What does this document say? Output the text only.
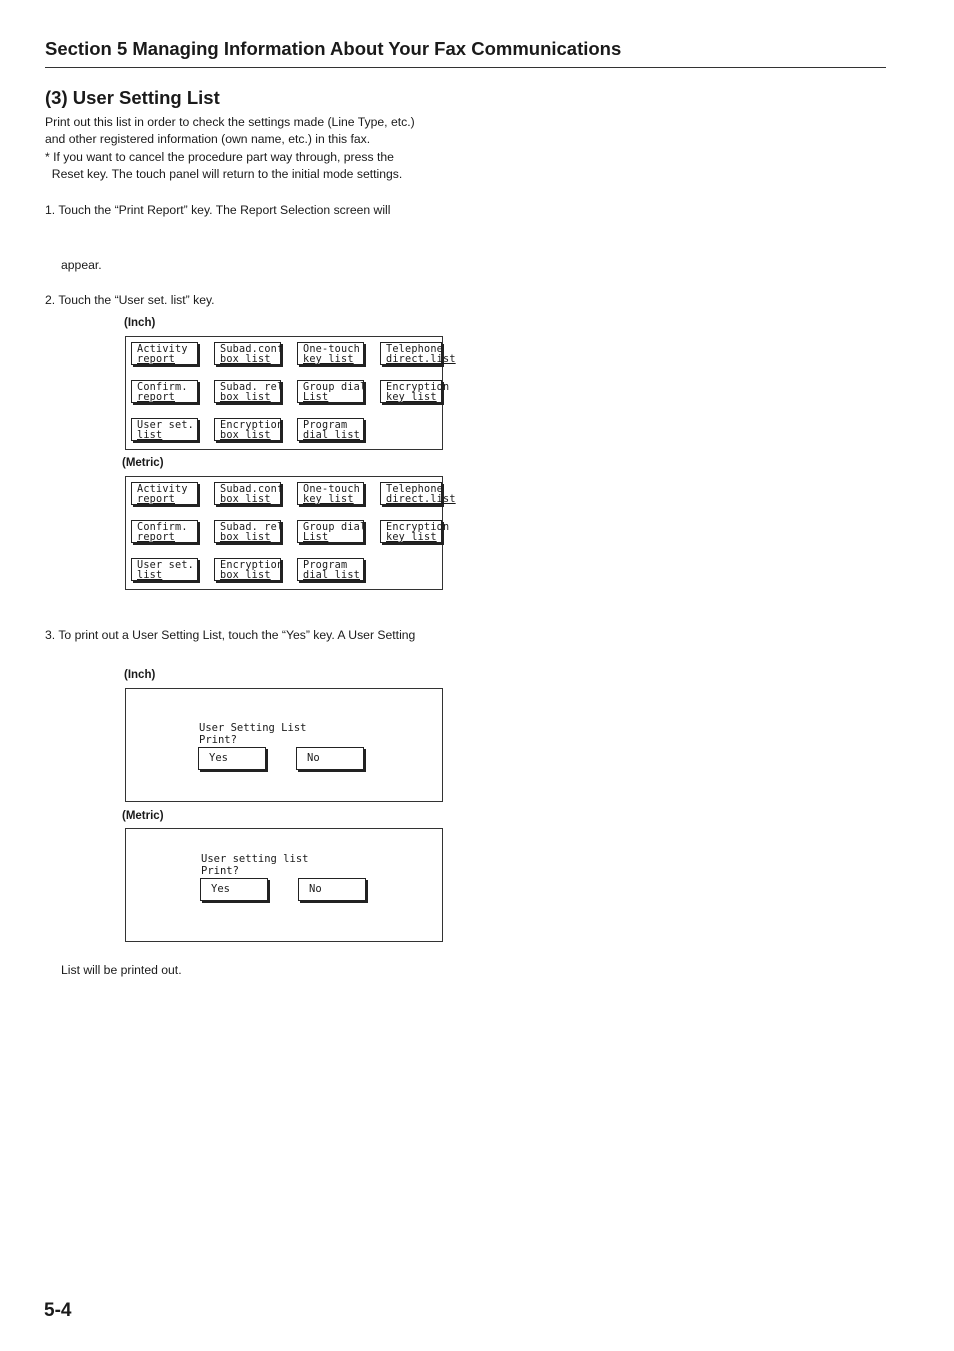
Section 5 Managing Information About Your Fax Communications
(3) User Setting List
Print out this list in order to check the settings made (Line Type, etc.)
and other registered information (own name, etc.) in this fax.
* If you want to cancel the procedure part way through, press the
Reset key. The touch panel will return to the initial mode settings.
1. Touch the “Print Report” key. The Report Selection screen will
appear.
2. Touch the “User set. list” key.
(Inch)
Activity
report
Subad.conf
box list
One-touch
key list
Telephone
direct.list
Confirm.
report
Subad. rel
box list
Group dial
List
Encryption
key list
User set.
list
Encryption
box list
Program
dial list
(Metric)
Activity
report
Subad.conf
box list
One-touch
key list
Telephone
direct.list
Confirm.
report
Subad. rel
box list
Group dial
List
Encryption
key list
User set.
list
Encryption
box list
Program
dial list
3. To print out a User Setting List, touch the “Yes” key. A User Setting
(Inch)
User Setting List
Print?
Yes	No
(Metric)
User setting list
Print?
Yes	No
List will be printed out.
5-4
